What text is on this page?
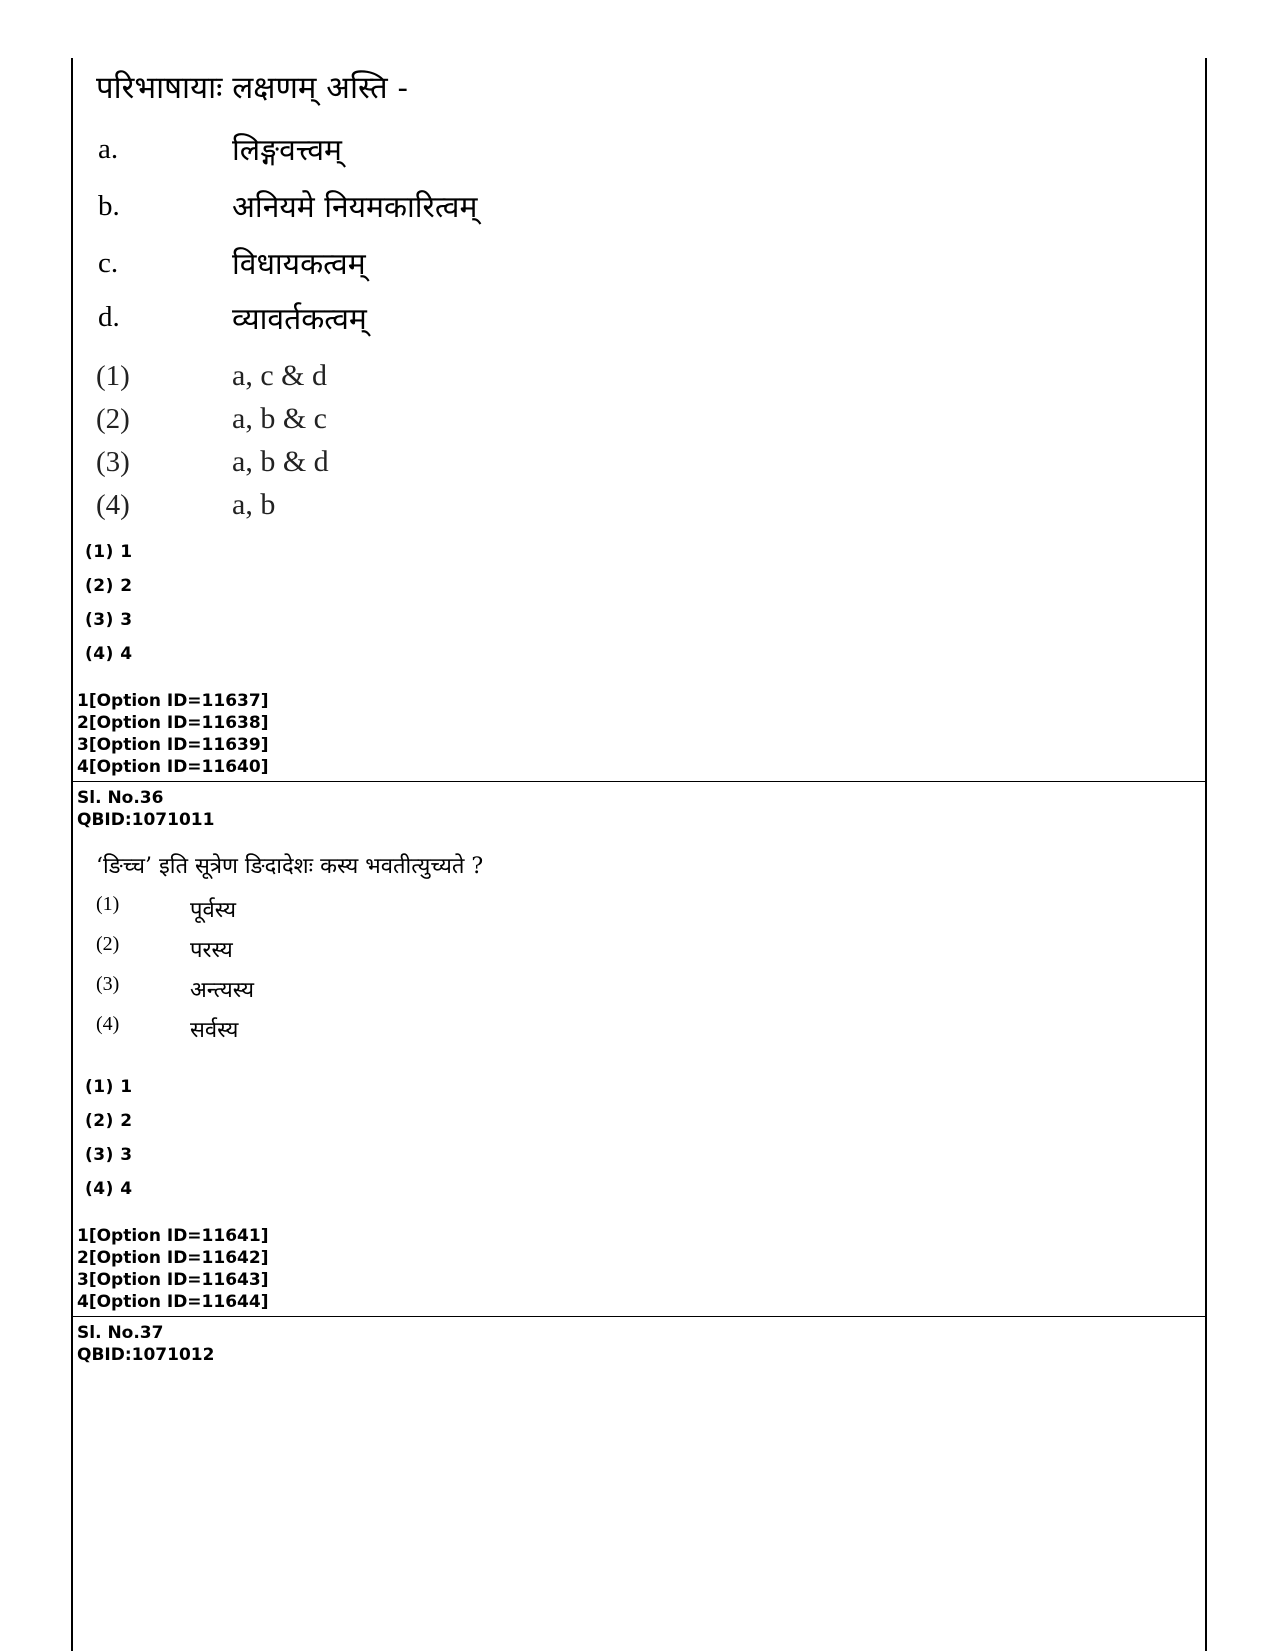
परिभाषायाः लक्षणम् अस्ति -
a.	लिङ्गवत्त्वम्
b.	अनियमे नियमकारित्वम्
c.	विधायकत्वम्
d.	व्यावर्तकत्वम्
(1)	a, c & d
(2)	a, b & c
(3)	a, b & d
(4)	a, b
(1) 1
(2) 2
(3) 3
(4) 4
1[Option ID=11637]
2[Option ID=11638]
3[Option ID=11639]
4[Option ID=11640]
Sl. No.36
QBID:1071011
‘ङिच्च’ इति सूत्रेण ङिदादेशः कस्य भवतीत्युच्यते ?
(1)	पूर्वस्य
(2)	परस्य
(3)	अन्त्यस्य
(4)	सर्वस्य
(1) 1
(2) 2
(3) 3
(4) 4
1[Option ID=11641]
2[Option ID=11642]
3[Option ID=11643]
4[Option ID=11644]
Sl. No.37
QBID:1071012
